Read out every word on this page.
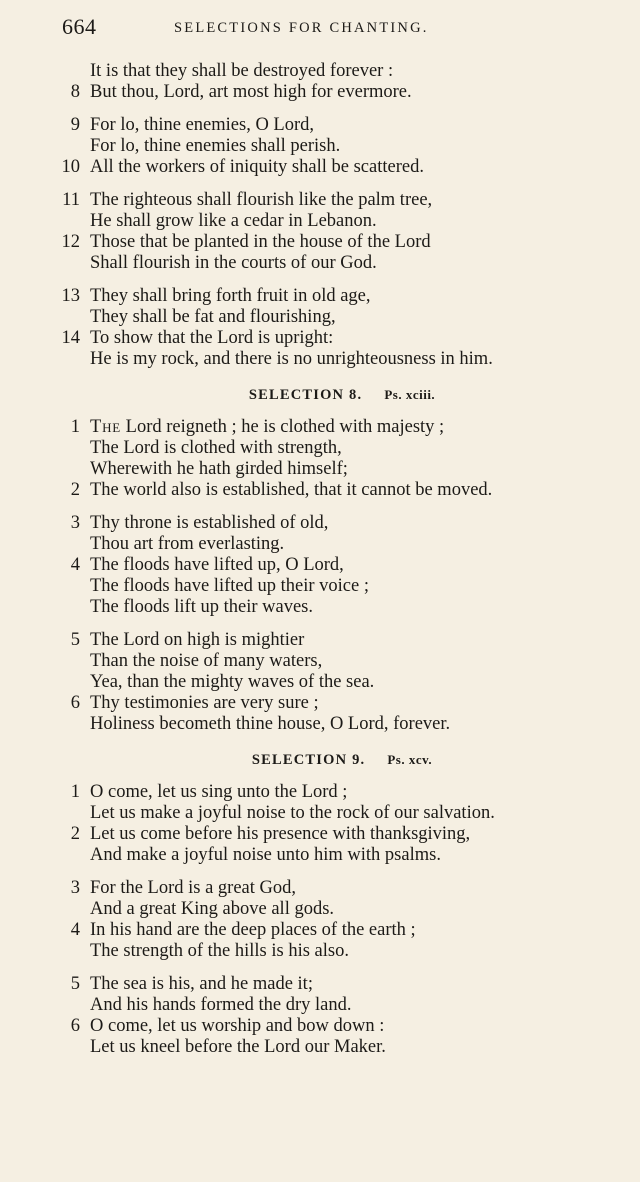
664	SELECTIONS FOR CHANTING.
It is that they shall be destroyed forever :
8 But thou, Lord, art most high for evermore.
9 For lo, thine enemies, O Lord,
For lo, thine enemies shall perish.
10 All the workers of iniquity shall be scattered.
11 The righteous shall flourish like the palm tree,
He shall grow like a cedar in Lebanon.
12 Those that be planted in the house of the Lord
Shall flourish in the courts of our God.
13 They shall bring forth fruit in old age,
They shall be fat and flourishing,
14 To show that the Lord is upright:
He is my rock, and there is no unrighteousness in him.
SELECTION 8. Ps. xciii.
1 The Lord reigneth ; he is clothed with majesty ;
The Lord is clothed with strength,
Wherewith he hath girded himself;
2 The world also is established, that it cannot be moved.
3 Thy throne is established of old,
Thou art from everlasting.
4 The floods have lifted up, O Lord,
The floods have lifted up their voice ;
The floods lift up their waves.
5 The Lord on high is mightier
Than the noise of many waters,
Yea, than the mighty waves of the sea.
6 Thy testimonies are very sure ;
Holiness becometh thine house, O Lord, forever.
SELECTION 9. Ps. xcv.
1 O come, let us sing unto the Lord ;
Let us make a joyful noise to the rock of our salvation.
2 Let us come before his presence with thanksgiving,
And make a joyful noise unto him with psalms.
3 For the Lord is a great God,
And a great King above all gods.
4 In his hand are the deep places of the earth ;
The strength of the hills is his also.
5 The sea is his, and he made it;
And his hands formed the dry land.
6 O come, let us worship and bow down :
Let us kneel before the Lord our Maker.
